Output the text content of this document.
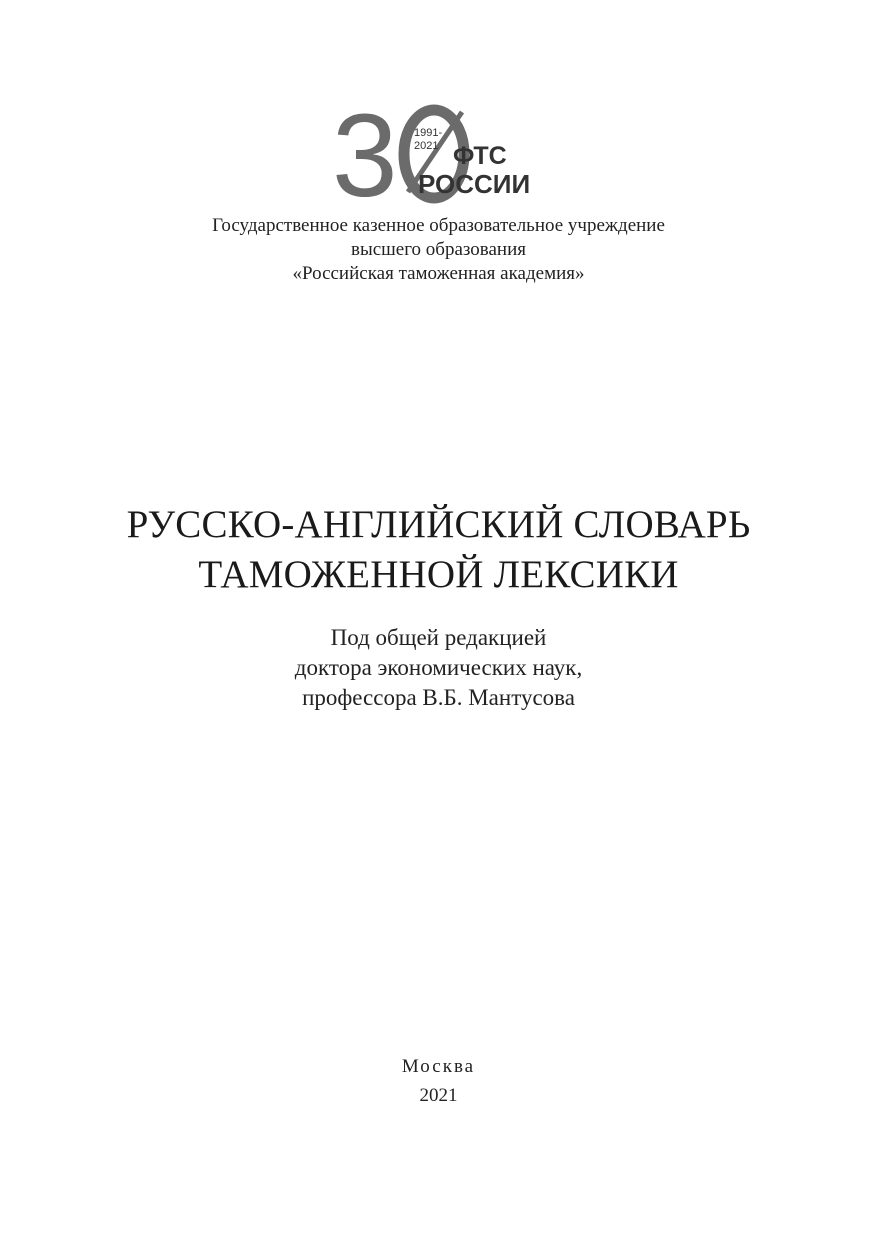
3 1991-
2021 ФТС
РОССИИ
Государственное казенное образовательное учреждение
высшего образования
«Российская таможенная академия»
РУССКО-АНГЛИЙСКИЙ СЛОВАРЬ
ТАМОЖЕННОЙ ЛЕКСИКИ
Под общей редакцией
доктора экономических наук,
профессора В.Б. Мантусова
Москва
2021
